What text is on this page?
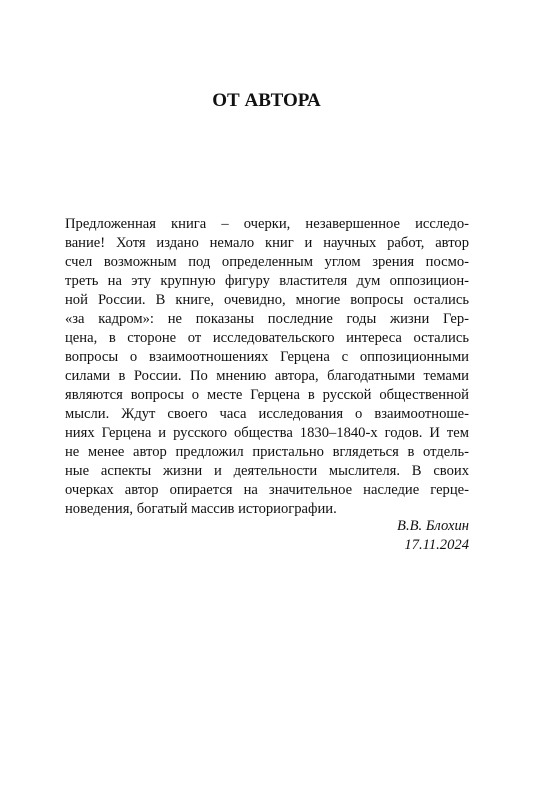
ОТ АВТОРА
Предложенная книга – очерки, незавершенное исследо-
вание! Хотя издано немало книг и научных работ, автор
счел возможным под определенным углом зрения посмо-
треть на эту крупную фигуру властителя дум оппозицион-
ной России. В книге, очевидно, многие вопросы остались
«за кадром»: не показаны последние годы жизни Гер-
цена, в стороне от исследовательского интереса остались
вопросы о взаимоотношениях Герцена с оппозиционными
силами в России. По мнению автора, благодатными темами
являются вопросы о месте Герцена в русской общественной
мысли. Ждут своего часа исследования о взаимоотноше-
ниях Герцена и русского общества 1830–1840-х годов. И тем
не менее автор предложил пристально вглядеться в отдель-
ные аспекты жизни и деятельности мыслителя. В своих
очерках автор опирается на значительное наследие герце-
новедения, богатый массив историографии.
В.В. Блохин
17.11.2024
